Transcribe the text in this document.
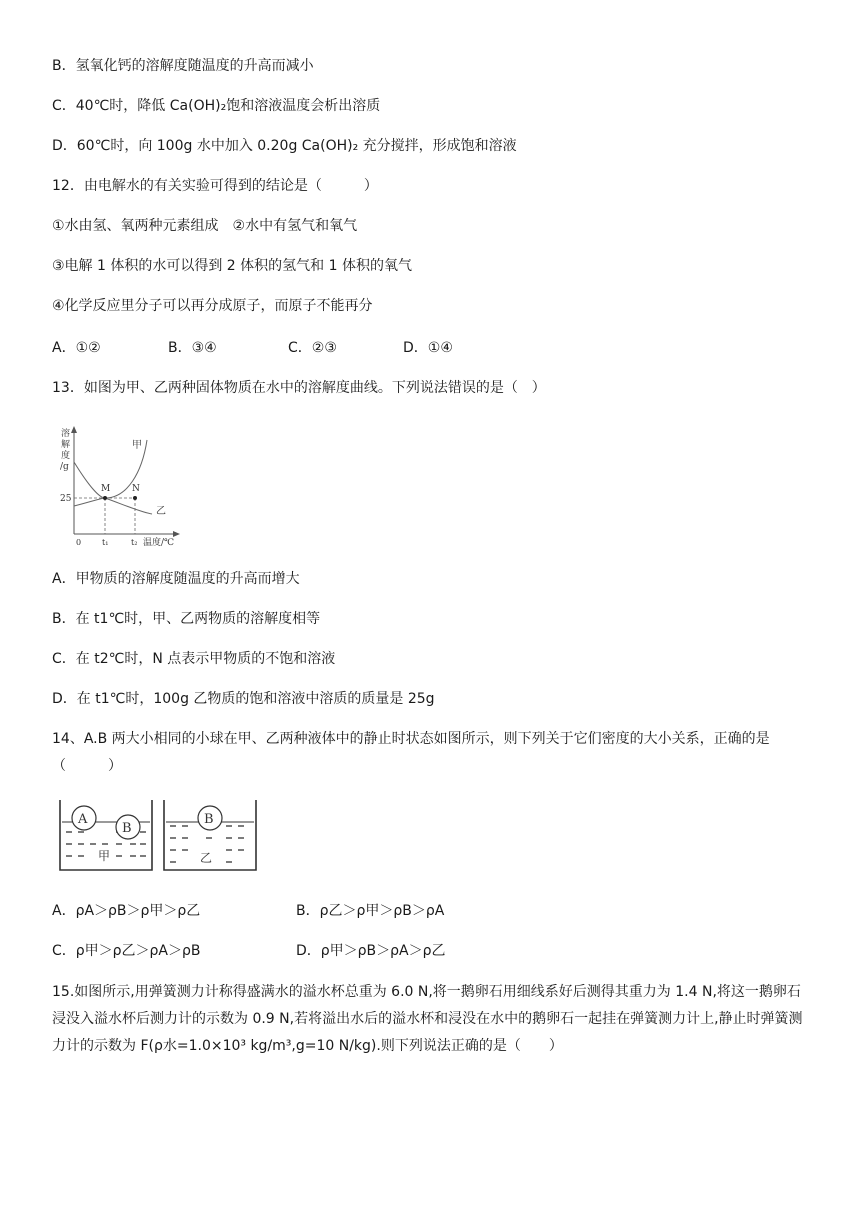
B．氢氧化钙的溶解度随温度的升高而减小
C．40℃时，降低 Ca(OH)₂饱和溶液温度会析出溶质
D．60℃时，向 100g 水中加入 0.20g Ca(OH)₂ 充分搅拌，形成饱和溶液
12．由电解水的有关实验可得到的结论是（　　　）
①水由氢、氧两种元素组成　②水中有氢气和氧气
③电解 1 体积的水可以得到 2 体积的氢气和 1 体积的氧气
④化学反应里分子可以再分成原子，而原子不能再分
A．①②	B．③④	C．②③	D．①④
13．如图为甲、乙两种固体物质在水中的溶解度曲线。下列说法错误的是（　）
溶
解
度
/g
M N
甲
乙
25
0	t₁	t₂ 温度/℃
A．甲物质的溶解度随温度的升高而增大
B．在 t1℃时，甲、乙两物质的溶解度相等
C．在 t2℃时，N 点表示甲物质的不饱和溶液
D．在 t1℃时，100g 乙物质的饱和溶液中溶质的质量是 25g
14、A.B 两大小相同的小球在甲、乙两种液体中的静止时状态如图所示，则下列关于它们密度的大小关系，正确的是（　　　）
A
B
甲
B
乙
A．ρA＞ρB＞ρ甲＞ρ乙	B．ρ乙＞ρ甲＞ρB＞ρA
C．ρ甲＞ρ乙＞ρA＞ρB	D．ρ甲＞ρB＞ρA＞ρ乙
15.如图所示,用弹簧测力计称得盛满水的溢水杯总重为 6.0 N,将一鹅卵石用细线系好后测得其重力为 1.4 N,将这一鹅卵石浸没入溢水杯后测力计的示数为 0.9 N,若将溢出水后的溢水杯和浸没在水中的鹅卵石一起挂在弹簧测力计上,静止时弹簧测力计的示数为 F(ρ水=1.0×10³ kg/m³,g=10 N/kg).则下列说法正确的是（　　）
